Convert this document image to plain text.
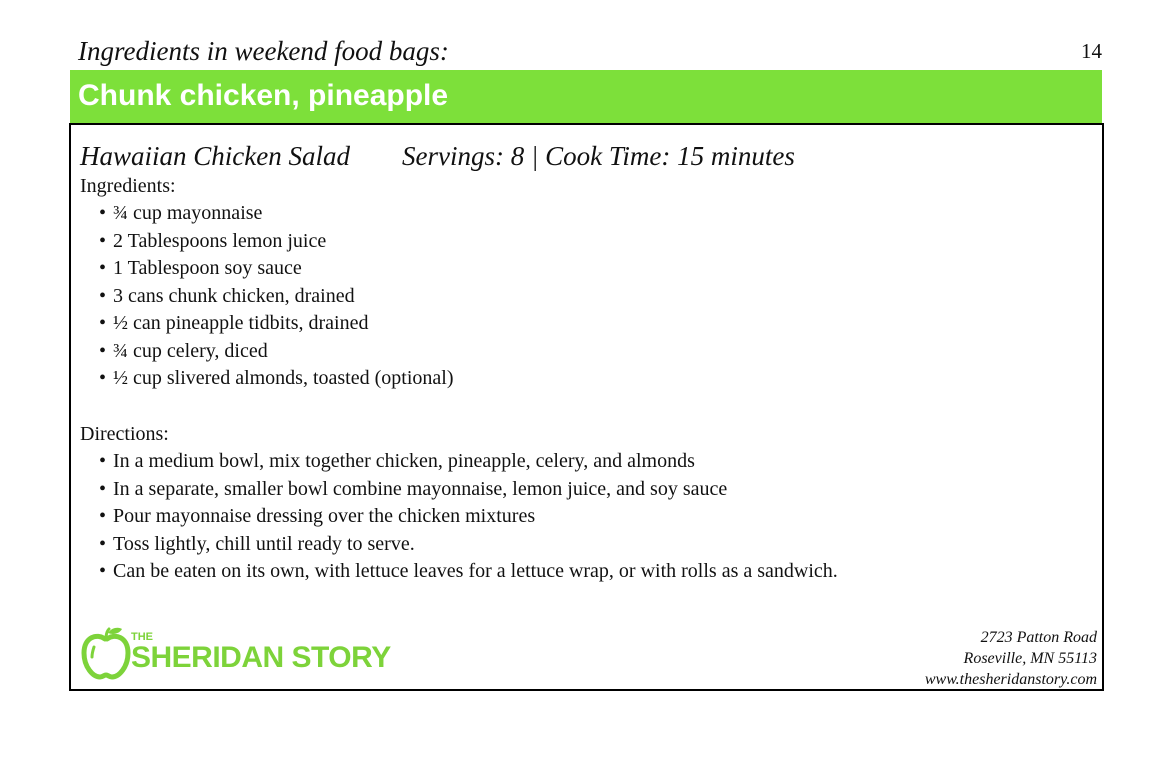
Ingredients in weekend food bags:	14
Chunk chicken, pineapple
Hawaiian Chicken Salad Servings: 8 | Cook Time: 15 minutes
Ingredients:
• ¾ cup mayonnaise
• 2 Tablespoons lemon juice
• 1 Tablespoon soy sauce
• 3 cans chunk chicken, drained
• ½ can pineapple tidbits, drained
• ¾ cup celery, diced
• ½ cup slivered almonds, toasted (optional)
Directions:
• In a medium bowl, mix together chicken, pineapple, celery, and almonds
• In a separate, smaller bowl combine mayonnaise, lemon juice, and soy sauce
• Pour mayonnaise dressing over the chicken mixtures
• Toss lightly, chill until ready to serve.
• Can be eaten on its own, with lettuce leaves for a lettuce wrap, or with rolls as a sandwich.
THE
SHERIDAN STORY
2723 Patton Road
Roseville, MN 55113
www.thesheridanstory.com
